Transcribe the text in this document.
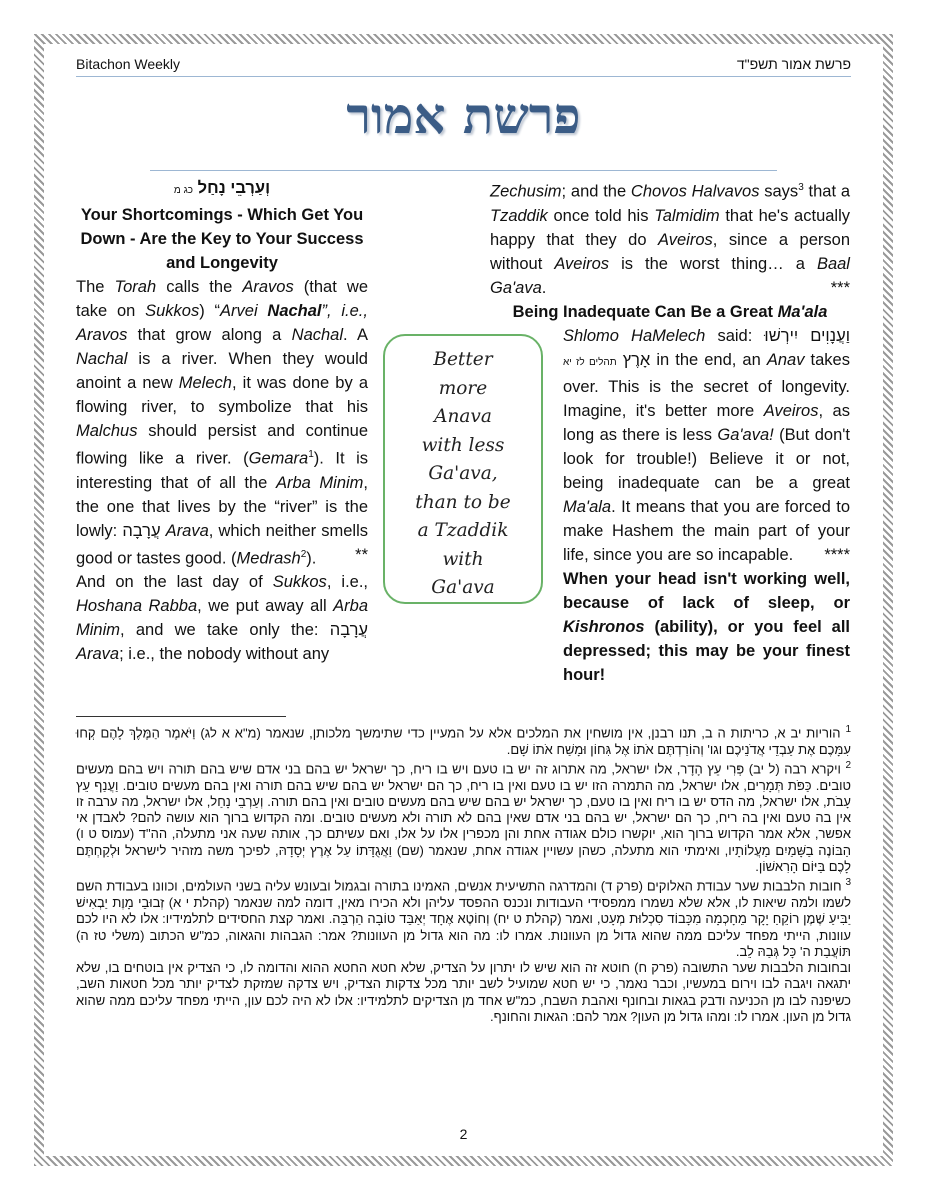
Bitachon Weekly	פרשת אמור תשפ"ד
פרשת אמור
וְעַרְבֵי נָחַל כג מ
Your Shortcomings - Which Get You Down - Are the Key to Your Success and Longevity
The Torah calls the Aravos (that we take on Sukkos) “Arvei Nachal”, i.e., Aravos that grow along a Nachal. A Nachal is a river. When they would anoint a new Melech, it was done by a flowing river, to symbolize that his Malchus should persist and continue flowing like a river. (Gemara$^1$). It is interesting that of all the Arba Minim, the one that lives by the “river” is the lowly: עֲרָבָה Arava, which neither smells good or tastes good. (Medrash$^2$). **
And on the last day of Sukkos, i.e., Hoshana Rabba, we put away all Arba Minim, and we take only the: עֲרָבָה Arava; i.e., the nobody without any
Better
more
Anava
with less
Ga'ava,
than to be
a Tzaddik
with
Ga'ava
Zechusim; and the Chovos Halvavos says$^3$ that a Tzaddik once told his Talmidim that he's actually happy that they do Aveiros, since a person without Aveiros is the worst thing… a Baal Ga'ava.	***
Being Inadequate Can Be a Great Ma'ala
Shlomo HaMelech said: וַעֲנָוִים יִירְשׁוּ אָרֶץ תהלים לז יא in the end, an Anav takes over. This is the secret of longevity. Imagine, it's better more Aveiros, as long as there is less Ga'ava! (But don't look for trouble!) Believe it or not, being inadequate can be a great Ma'ala. It means that you are forced to make Hashem the main part of your life, since you are so incapable. ****
When your head isn't working well, because of lack of sleep, or Kishronos (ability), or you feel all depressed; this may be your finest hour!

$^1$ הוריות יב א, כריתות ה ב, תנו רבנן, אין מושחין את המלכים אלא על המעיין כדי שתימשך מלכותן, שנאמר (מ"א א לג) וַיֹּאמֶר הַמֶּלֶךְ לָהֶם קְחוּ עִמָּכֶם אֶת עַבְדֵי אֲדֹנֵיכֶם וגו' וְהוֹרַדְתֶּם אֹתוֹ אֶל גִּחוֹן וּמָשַׁח אֹתוֹ שָׁם.

$^2$ ויקרא רבה (ל יב) פְּרִי עֵץ הָדָר, אלו ישראל, מה אתרוג זה יש בו טעם ויש בו ריח, כך ישראל יש בהם בני אדם שיש בהם תורה ויש בהם מעשים טובים. כַּפֹּת תְּמָרִים, אלו ישראל, מה התמרה הזו יש בו טעם ואין בו ריח, כך הם ישראל יש בהם שיש בהם תורה ואין בהם מעשים טובים. וַעֲנַף עֵץ עָבֹת, אלו ישראל, מה הדס יש בו ריח ואין בו טעם, כך ישראל יש בהם שיש בהם מעשים טובים ואין בהם תורה. וְעַרְבֵי נָחַל, אלו ישראל, מה ערבה זו אין בה טעם ואין בה ריח, כך הם ישראל, יש בהם בני אדם שאין בהם לא תורה ולא מעשים טובים. ומה הקדוש ברוך הוא עושה להם? לאבדן אי אפשר, אלא אמר הקדוש ברוך הוא, יוקשרו כולם אגודה אחת והן מכפרין אלו על אלו, ואם עשיתם כך, אותה שעה אני מתעלה, הה"ד (עמוס ט ו) הַבּוֹנֶה בַשָּׁמַיִם מַעֲלוֹתָיו, ואימתי הוא מתעלה, כשהן עשויין אגודה אחת, שנאמר (שם) וַאֲגֻדָּתוֹ עַל אֶרֶץ יְסָדָהּ, לפיכך משה מזהיר לישראל וּלְקַחְתֶּם לָכֶם בַּיּוֹם הָרִאשׁוֹן.

$^3$ חובות הלבבות שער עבודת האלוקים (פרק ד) והמדרגה התשיעית אנשים, האמינו בתורה ובגמול ובעונש עליה בשני העולמים, וכוונו בעבודת השם לשמו ולמה שיאות לו, אלא שלא נשמרו ממפסידי העבודות ונכנס ההפסד עליהן ולא הכירו מאין, דומה למה שנאמר (קהלת י א) זְבוּבֵי מָוֶת יַבְאִישׁ יַבִּיעַ שֶׁמֶן רוֹקֵחַ יָקָר מֵחָכְמָה מִכָּבוֹד סִכְלוּת מְעָט, ואמר (קהלת ט יח) וְחוֹטֶא אֶחָד יְאַבֵּד טוֹבָה הַרְבֵּה. ואמר קצת החסידים לתלמידיו: אלו לא היו לכם עוונות, הייתי מפחד עליכם ממה שהוא גדול מן העוונות. אמרו לו: מה הוא גדול מן העוונות? אמר: הגבהות והגאוה, כמ"ש הכתוב (משלי טז ה) תּוֹעֲבַת ה' כָּל גְּבַהּ לֵב.

ובחובות הלבבות שער התשובה (פרק ח) חוטא זה הוא שיש לו יתרון על הצדיק, שלא חטא החטא ההוא והדומה לו, כי הצדיק אין בוטחים בו, שלא יתגאה ויגבה לבו וירום במעשיו, וכבר נאמר, כי יש חטא שמועיל לשב יותר מכל צדקות הצדיק, ויש צדקה שמזקת לצדיק יותר מכל חטאות השב, כשיפנה לבו מן הכניעה ודבק בגאות ובחונף ואהבת השבח, כמ"ש אחד מן הצדיקים לתלמידיו: אלו לא היה לכם עון, הייתי מפחד עליכם ממה שהוא גדול מן העון. אמרו לו: ומהו גדול מן העון? אמר להם: הגאות והחונף.

2
